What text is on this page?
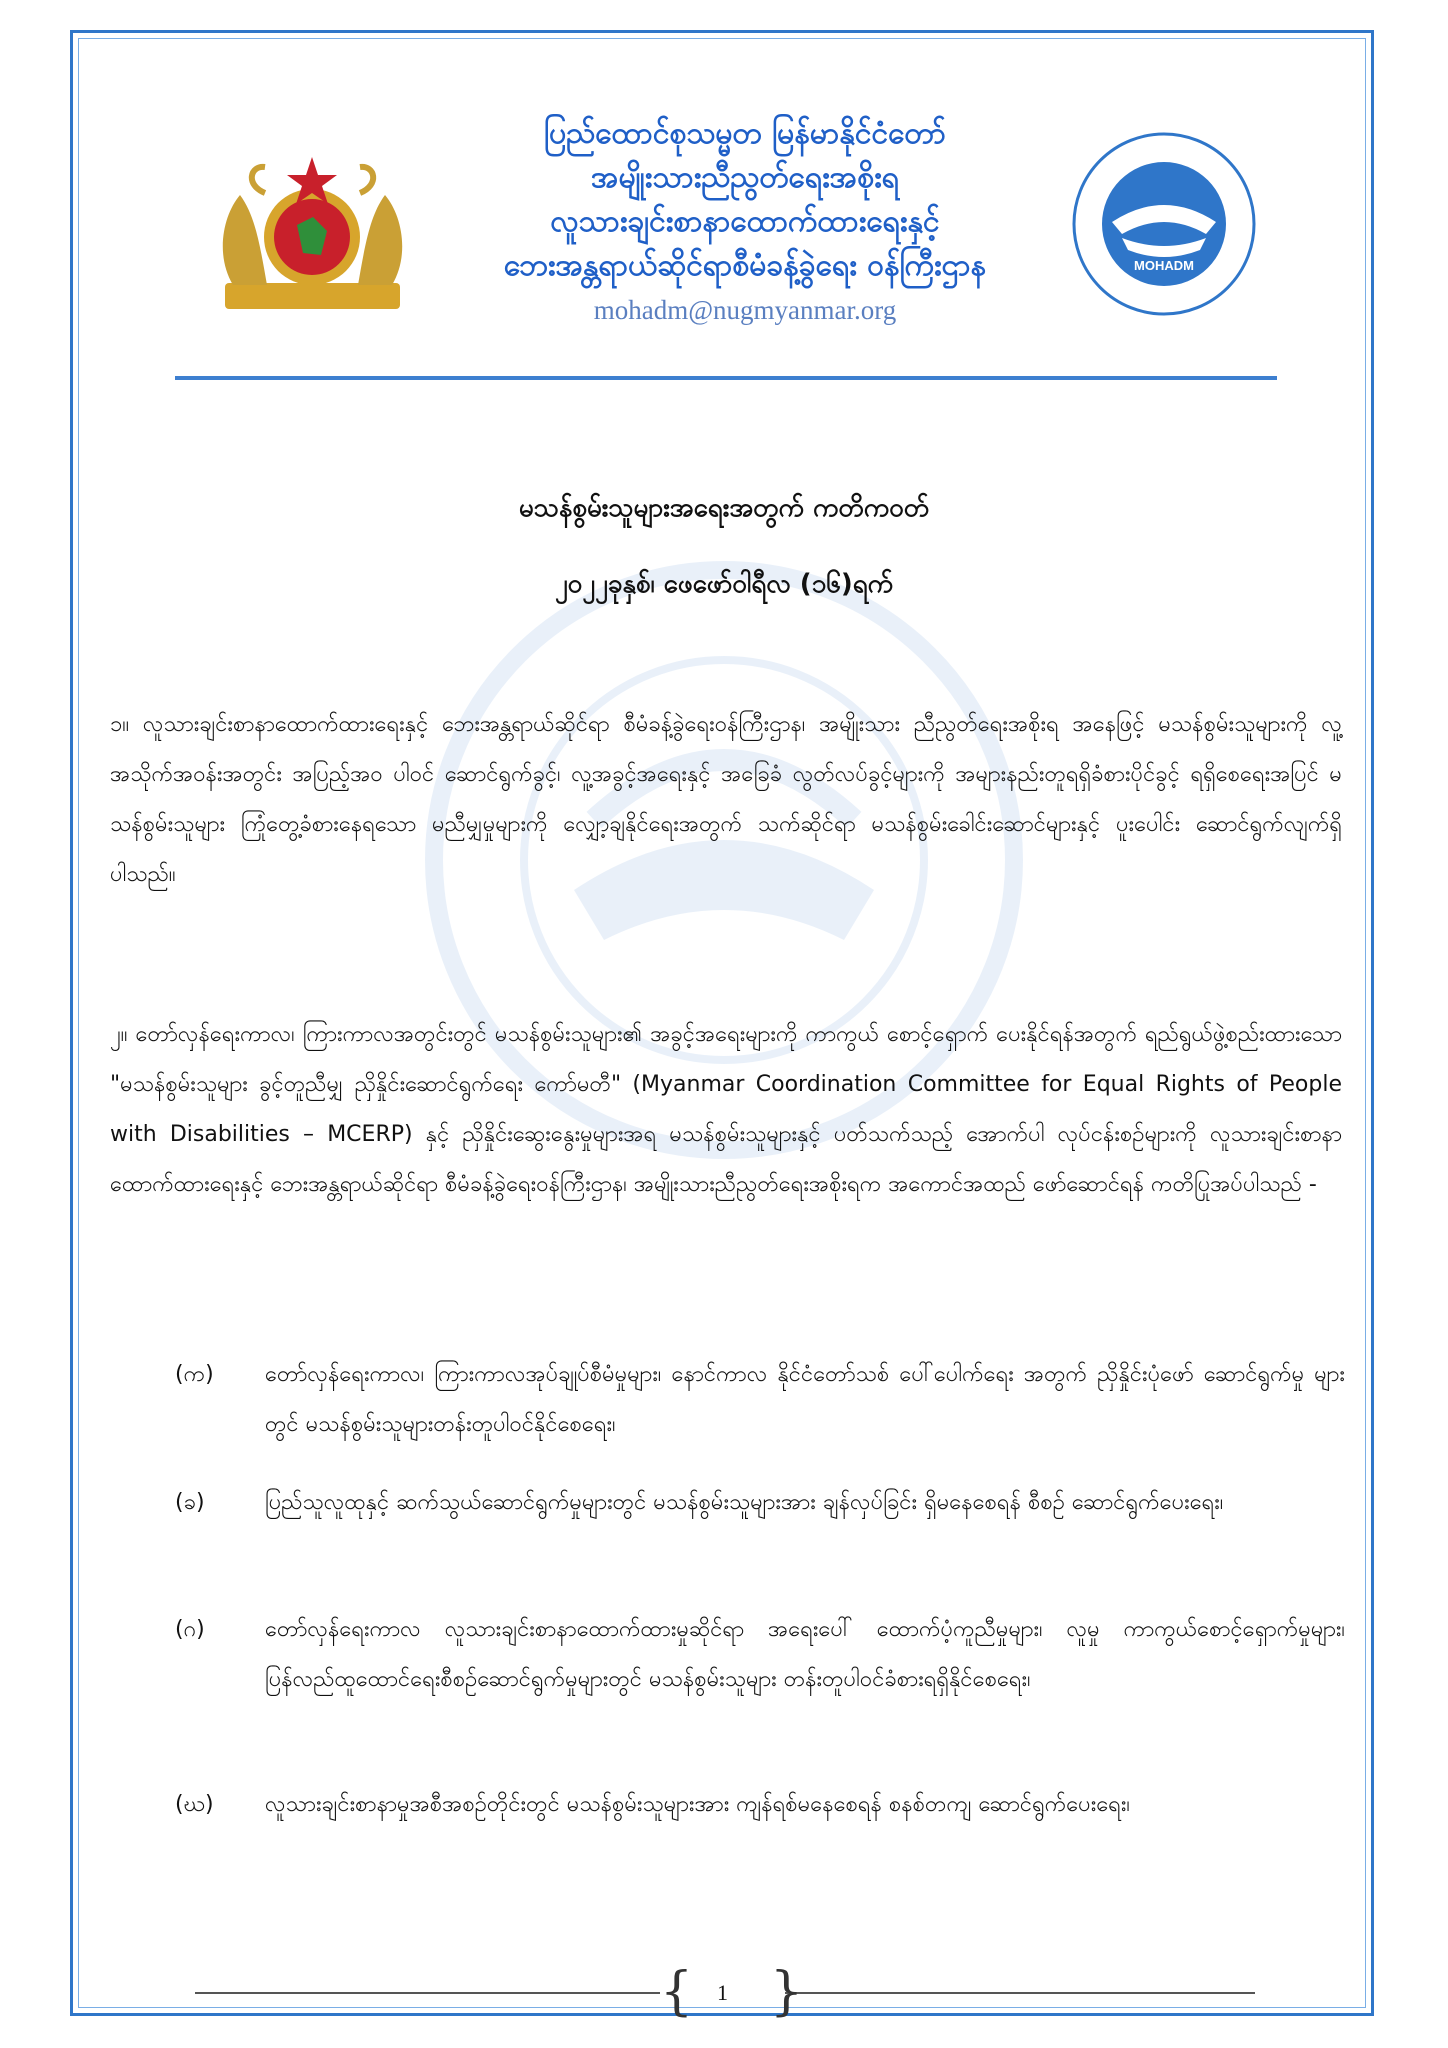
ပြည်ထောင်စုသမ္မတ မြန်မာနိုင်ငံတော်
အမျိုးသားညီညွတ်ရေးအစိုးရ
လူသားချင်းစာနာထောက်ထားရေးနှင့်
ဘေးအန္တရာယ်ဆိုင်ရာစီမံခန့်ခွဲရေး ဝန်ကြီးဌာန
mohadm@nugmyanmar.org
MOHADM
မသန်စွမ်းသူများအရေးအတွက် ကတိကဝတ်
၂၀၂၂ခုနှစ်၊ ဖေဖော်ဝါရီလ (၁၆)ရက်
၁။ လူသားချင်းစာနာထောက်ထားရေးနှင့် ဘေးအန္တရာယ်ဆိုင်ရာ စီမံခန့်ခွဲရေးဝန်ကြီးဌာန၊ အမျိုးသား ညီညွတ်ရေးအစိုးရ အနေဖြင့် မသန်စွမ်းသူများကို လူ့အသိုက်အဝန်းအတွင်း အပြည့်အဝ ပါဝင် ဆောင်ရွက်ခွင့်၊ လူ့အခွင့်အရေးနှင့် အခြေခံ လွတ်လပ်ခွင့်များကို အများနည်းတူရရှိခံစားပိုင်ခွင့် ရရှိစေရေးအပြင် မသန်စွမ်းသူများ ကြုံတွေ့ခံစားနေရသော မညီမျှမှုများကို လျှော့ချနိုင်ရေးအတွက် သက်ဆိုင်ရာ မသန်စွမ်းခေါင်းဆောင်များနှင့် ပူးပေါင်း ဆောင်ရွက်လျက်ရှိပါသည်။
၂။ တော်လှန်ရေးကာလ၊ ကြားကာလအတွင်းတွင် မသန်စွမ်းသူများ၏ အခွင့်အရေးများကို ကာကွယ် စောင့်ရှောက် ပေးနိုင်ရန်အတွက် ရည်ရွယ်ဖွဲ့စည်းထားသော "မသန်စွမ်းသူများ ခွင့်တူညီမျှ ညှိနှိုင်းဆောင်ရွက်ရေး ကော်မတီ" (Myanmar Coordination Committee for Equal Rights of People with Disabilities – MCERP) နှင့် ညှိနှိုင်းဆွေးနွေးမှုများအရ မသန်စွမ်းသူများနှင့် ပတ်သက်သည့် အောက်ပါ လုပ်ငန်းစဉ်များကို လူသားချင်းစာနာ ထောက်ထားရေးနှင့် ဘေးအန္တရာယ်ဆိုင်ရာ စီမံခန့်ခွဲရေးဝန်ကြီးဌာန၊ အမျိုးသားညီညွတ်ရေးအစိုးရက အကောင်အထည် ဖော်ဆောင်ရန် ကတိပြုအပ်ပါသည် -
(က)	တော်လှန်ရေးကာလ၊ ကြားကာလအုပ်ချုပ်စီမံမှုများ၊ နောင်ကာလ နိုင်ငံတော်သစ် ပေါ်ပေါက်ရေး အတွက် ညှိနှိုင်းပုံဖော် ဆောင်ရွက်မှု များတွင် မသန်စွမ်းသူများတန်းတူပါဝင်နိုင်စေရေး၊
(ခ)	ပြည်သူလူထုနှင့် ဆက်သွယ်ဆောင်ရွက်မှုများတွင် မသန်စွမ်းသူများအား ချန်လှပ်ခြင်း ရှိမနေစေရန် စီစဉ် ဆောင်ရွက်ပေးရေး၊
(ဂ)	တော်လှန်ရေးကာလ လူသားချင်းစာနာထောက်ထားမှုဆိုင်ရာ အရေးပေါ် ထောက်ပံ့ကူညီမှုများ၊ လူမှု ကာကွယ်စောင့်ရှောက်မှုများ၊ ပြန်လည်ထူထောင်ရေးစီစဉ်ဆောင်ရွက်မှုများတွင် မသန်စွမ်းသူများ တန်းတူပါဝင်ခံစားရရှိနိုင်စေရေး၊
(ဃ)	လူသားချင်းစာနာမှုအစီအစဉ်တိုင်းတွင် မသန်စွမ်းသူများအား ကျန်ရစ်မနေစေရန် စနစ်တကျ ဆောင်ရွက်ပေးရေး၊
{ }
1
